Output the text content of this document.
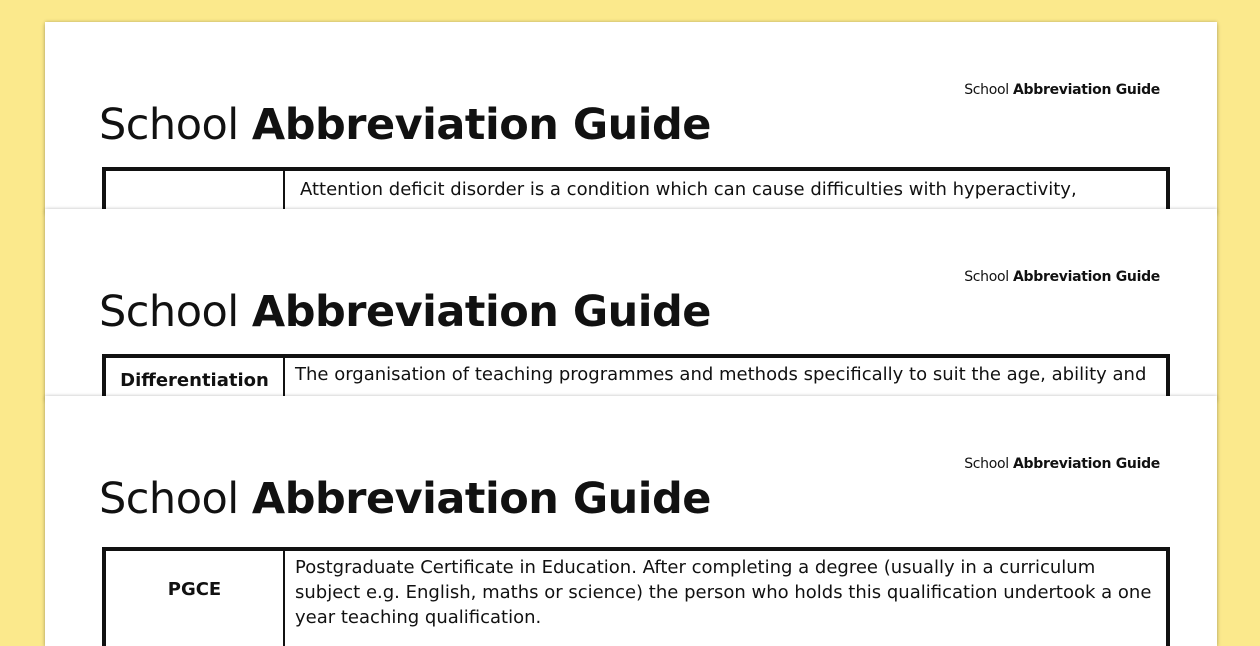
School Abbreviation Guide
School Abbreviation Guide
Attention deficit disorder is a condition which can cause difficulties with hyperactivity,
School Abbreviation Guide
School Abbreviation Guide
Differentiation	The organisation of teaching programmes and methods specifically to suit the age, ability and
School Abbreviation Guide
School Abbreviation Guide
PGCE
Postgraduate Certificate in Education. After completing a degree (usually in a curriculum subject e.g. English, maths or science) the person who holds this qualification undertook a one year teaching qualification.
